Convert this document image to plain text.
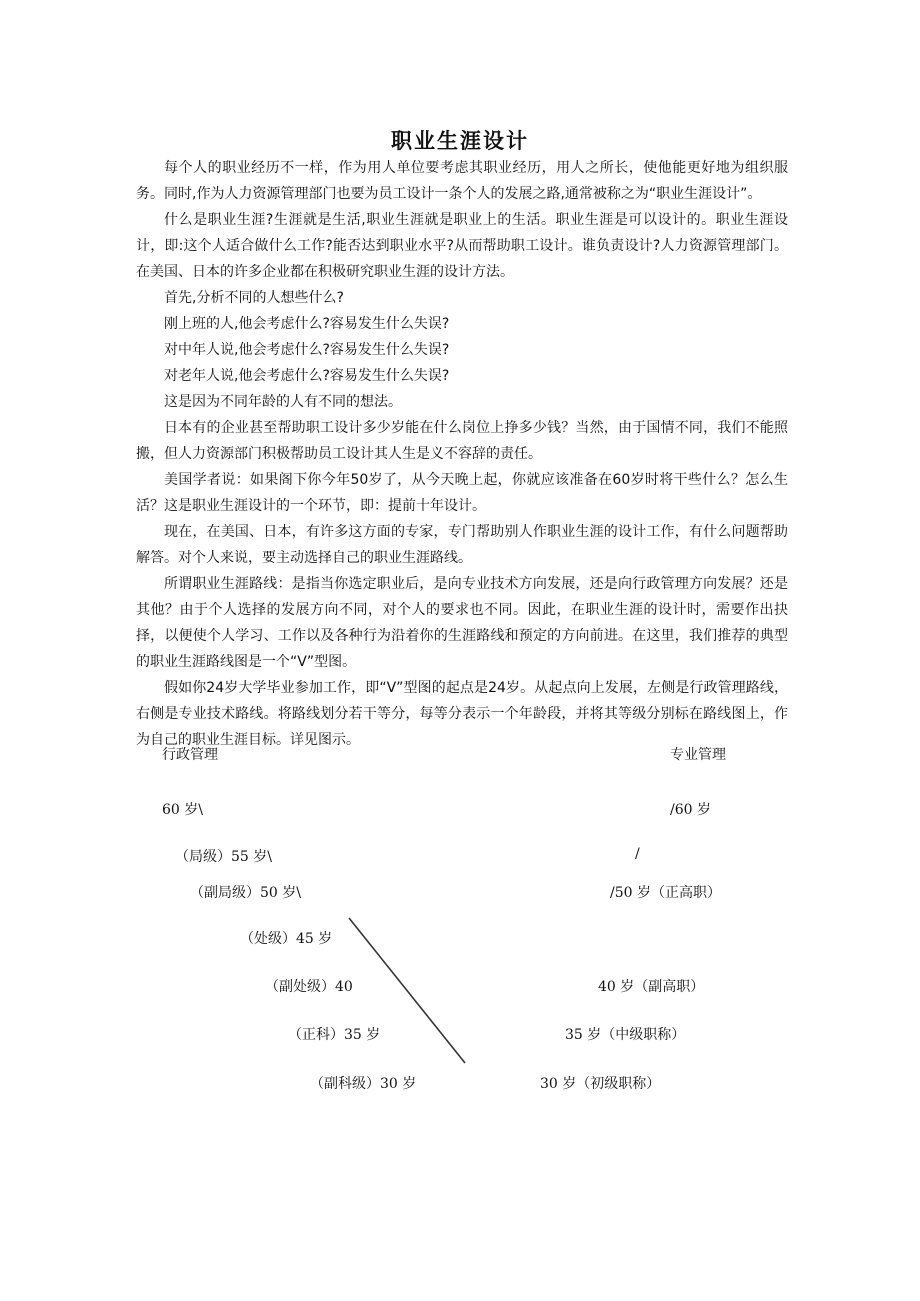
职业生涯设计

每个人的职业经历不一样，作为用人单位要考虑其职业经历，用人之所长，使他能更好地为组织服务。同时,作为人力资源管理部门也要为员工设计一条个人的发展之路,通常被称之为“职业生涯设计”。

什么是职业生涯?生涯就是生活,职业生涯就是职业上的生活。职业生涯是可以设计的。职业生涯设计，即:这个人适合做什么工作?能否达到职业水平?从而帮助职工设计。谁负责设计?人力资源管理部门。在美国、日本的许多企业都在积极研究职业生涯的设计方法。

首先,分析不同的人想些什么?

刚上班的人,他会考虑什么?容易发生什么失误?

对中年人说,他会考虑什么?容易发生什么失误?

对老年人说,他会考虑什么?容易发生什么失误?

这是因为不同年龄的人有不同的想法。

日本有的企业甚至帮助职工设计多少岁能在什么岗位上挣多少钱？当然，由于国情不同，我们不能照搬，但人力资源部门积极帮助员工设计其人生是义不容辞的责任。

美国学者说：如果阁下你今年50岁了，从今天晚上起，你就应该准备在60岁时将干些什么？怎么生活？这是职业生涯设计的一个环节，即：提前十年设计。

现在，在美国、日本，有许多这方面的专家，专门帮助别人作职业生涯的设计工作，有什么问题帮助解答。对个人来说，要主动选择自己的职业生涯路线。

所谓职业生涯路线：是指当你选定职业后，是向专业技术方向发展，还是向行政管理方向发展？还是其他？由于个人选择的发展方向不同，对个人的要求也不同。因此，在职业生涯的设计时，需要作出抉择，以便使个人学习、工作以及各种行为沿着你的生涯路线和预定的方向前进。在这里，我们推荐的典型的职业生涯路线图是一个“V”型图。

假如你24岁大学毕业参加工作，即“V”型图的起点是24岁。从起点向上发展，左侧是行政管理路线，右侧是专业技术路线。将路线划分若干等分，每等分表示一个年龄段，并将其等级分别标在路线图上，作为自己的职业生涯目标。详见图示。

行政管理	专业管理
60 岁\
（局级）55 岁\
（副局级）50 岁\
（处级）45 岁
（副处级）40
（正科）35 岁
（副科级）30 岁
/60 岁
/
/50 岁（正高职）
40 岁（副高职）
35 岁（中级职称）
30 岁（初级职称）
